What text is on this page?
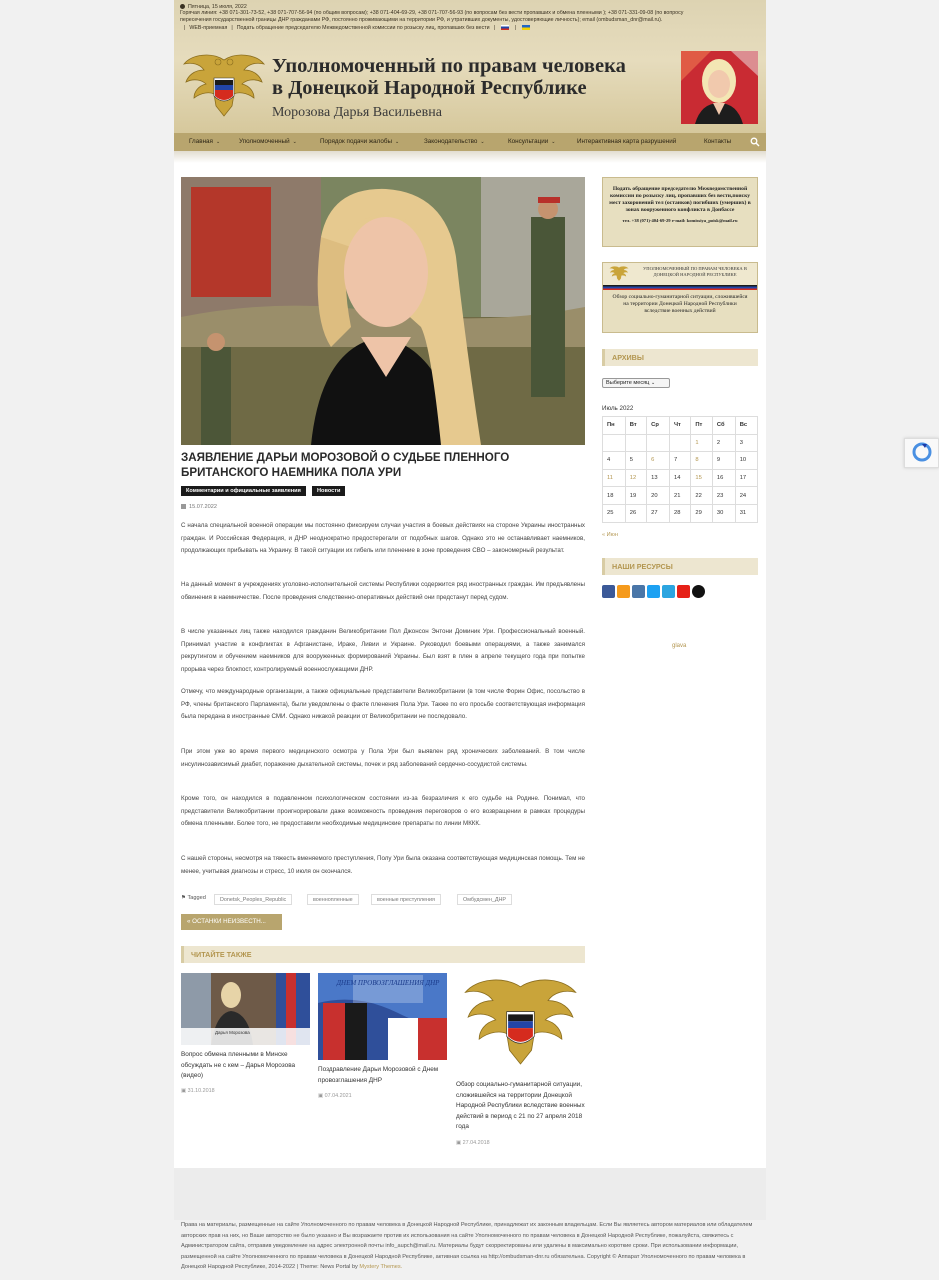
Пятница, 15 июля, 2022
Горячая линия: +38 071-301-73-52, +38 071-707-56-94 (по общим вопросам); +38 071-404-69-29, +38 071-707-56-93 (по вопросам без вести пропавших и обмена пленными ); +38 071-331-09-08 (по вопросу
пересечения государственной границы ДНР гражданами РФ, постоянно проживающими на территории РФ, и утративших документы, удостоверяющие личность); email (ombudsman_dnr@mail.ru).
| WEB-приемная | Подать обращение председателю Межведомственной комиссии по розыску лиц, пропавших без вести |	|
Уполномоченный по правам человека
в Донецкой Народной Республике
Морозова Дарья Васильевна
Главная ⌄	Уполномоченный ⌄	Порядок подачи жалобы ⌄	Законодательство ⌄	Консультации ⌄	Интерактивная карта разрушений	Контакты
ЗАЯВЛЕНИЕ ДАРЬИ МОРОЗОВОЙ О СУДЬБЕ ПЛЕННОГО БРИТАНСКОГО НАЕМНИКА ПОЛА УРИ
Комментарии и официальные заявления	Новости
15.07.2022

С начала специальной военной операции мы постоянно фиксируем случаи участия в боевых действиях на стороне Украины иностранных граждан. И Российская Федерация, и ДНР неоднократно предостерегали от подобных шагов. Однако это не останавливает наемников, продолжающих прибывать на Украину. В такой ситуации их гибель или пленение в зоне проведения СВО – закономерный результат.

На данный момент в учреждениях уголовно-исполнительной системы Республики содержится ряд иностранных граждан. Им предъявлены обвинения в наемничестве. После проведения следственно-оперативных действий они предстанут перед судом.

В числе указанных лиц также находился гражданин Великобритании Пол Джонсон Энтони Доминик Ури. Профессиональный военный. Принимал участие в конфликтах в Афганистане, Ираке, Ливии и Украине. Руководил боевыми операциями, а также занимался рекрутингом и обучением наемников для вооруженных формирований Украины. Был взят в плен в апреле текущего года при попытке прорыва через блокпост, контролируемый военнослужащими ДНР.

Отмечу, что международные организации, а также официальные представители Великобритании (в том числе Форин Офис, посольство в РФ, члены британского Парламента), были уведомлены о факте пленения Пола Ури. Также по его просьбе соответствующая информация была передана в иностранные СМИ. Однако никакой реакции от Великобритании не последовало.

При этом уже во время первого медицинского осмотра у Пола Ури был выявлен ряд хронических заболеваний. В том числе инсулинозависимый диабет, поражение дыхательной системы, почек и ряд заболеваний сердечно-сосудистой системы.

Кроме того, он находился в подавленном психологическом состоянии из-за безразличия к его судьбе на Родине. Понимал, что представители Великобритании проигнорировали даже возможность проведения переговоров о его возвращении в рамках процедуры обмена пленными. Более того, не предоставили необходимые медицинские препараты по линии МККК.

С нашей стороны, несмотря на тяжесть вменяемого преступления, Полу Ури была оказана соответствующая медицинская помощь. Тем не менее, учитывая диагнозы и стресс, 10 июля он скончался.

⚑ Tagged	Donetsk_Peoples_Republic	военнопленные	военные преступления	Омбудсмен_ДНР
« ОСТАНКИ НЕИЗВЕСТН...
ЧИТАЙТЕ ТАКЖЕ
Дарья Морозова
Вопрос обмена пленными в Минске обсуждать не с кем – Дарья Морозова (видео)
▣ 31.10.2018
ДНЕМ ПРОВОЗГЛАШЕНИЯ ДНР
Поздравление Дарьи Морозовой с Днем провозглашения ДНР
▣ 07.04.2021
Обзор социально-гуманитарной ситуации, сложившейся на территории Донецкой Народной Республики вследствие военных действий в период с 21 по 27 апреля 2018 года
▣ 27.04.2018
Подать обращение председателю Межведомственной комиссии по розыску лиц, пропавших без вести,поиску мест захоронений тел (останков) погибших (умерших) в зонах вооруженного конфликта в Донбассе
тел. +38 (071)-404-69-29 e-mail: komissiya_poisk@mail.ru
УПОЛНОМОЧЕННЫЙ ПО ПРАВАМ ЧЕЛОВЕКА В ДОНЕЦКОЙ НАРОДНОЙ РЕСПУБЛИКЕ
Обзор социально-гуманитарной ситуации, сложившейся на территории Донецкой Народной Республики вследствие военных действий
АРХИВЫ
Выберите месяц ⌄
Июль 2022
Пн	Вт	Ср	Чт	Пт	Сб	Вс
				1	2	3
4	5	6	7	8	9	10
11	12	13	14	15	16	17
18	19	20	21	22	23	24
25	26	27	28	29	30	31
« Июн
НАШИ РЕСУРСЫ
glava

Права на материалы, размещенные на сайте Уполномоченного по правам человека в Донецкой Народной Республике, принадлежат их законным владельцам. Если Вы являетесь автором материалов или обладателем авторских прав на них, но Ваше авторство не было указано и Вы возражаете против их использования на сайте Уполномоченного по правам человека в Донецкой Народной Республике, пожалуйста, свяжитесь с Администратором сайта, отправив уведомление на адрес электронной почты info_aupch@mail.ru. Материалы будут скорректированы или удалены в максимально короткие сроки. При использовании информации, размещенной на сайте Уполномоченного по правам человека в Донецкой Народной Республике, активная ссылка на http://ombudsman-dnr.ru обязательна. Copyright © Аппарат Уполномоченного по правам человека в Донецкой Народной Республике, 2014-2022 | Theme: News Portal by Mystery Themes.
